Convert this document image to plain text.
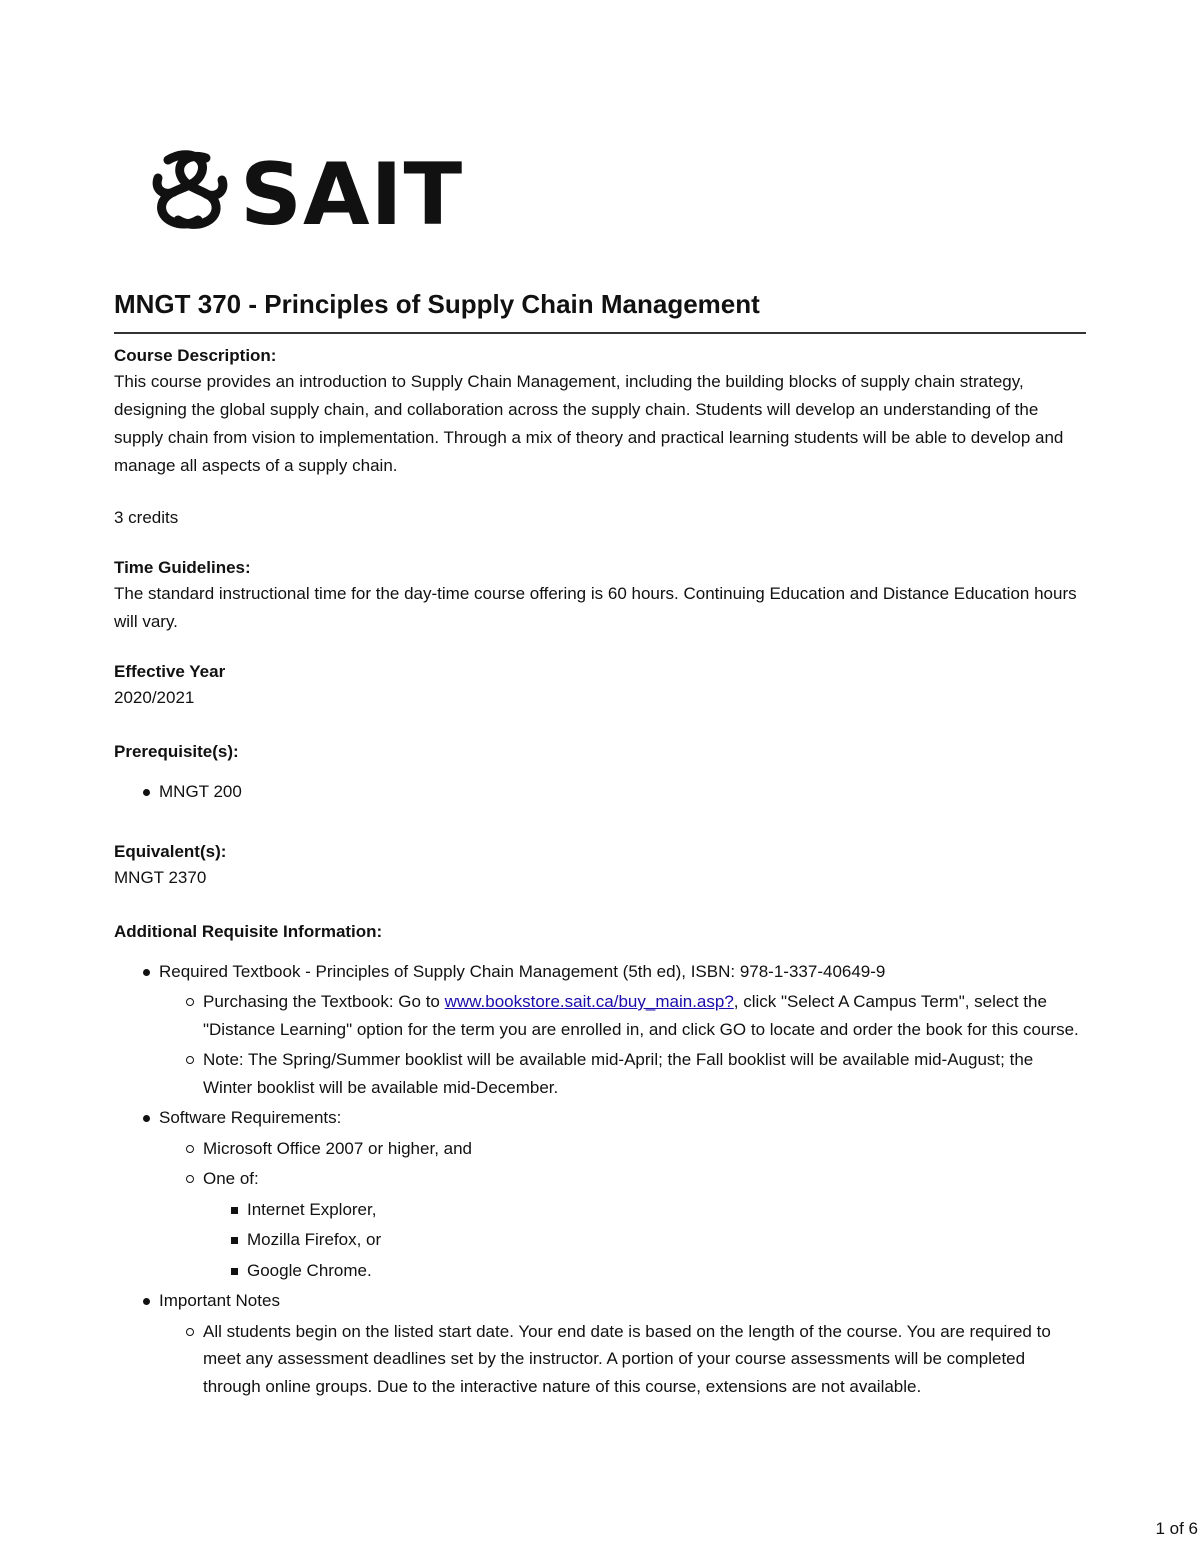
SAIT
MNGT 370 - Principles of Supply Chain Management

Course Description:

This course provides an introduction to Supply Chain Management, including the building blocks of supply chain strategy, designing the global supply chain, and collaboration across the supply chain. Students will develop an understanding of the supply chain from vision to implementation. Through a mix of theory and practical learning students will be able to develop and manage all aspects of a supply chain.

3 credits

Time Guidelines:

The standard instructional time for the day-time course offering is 60 hours. Continuing Education and Distance Education hours will vary.

Effective Year

2020/2021

Prerequisite(s):

MNGT 200

Equivalent(s):

MNGT 2370

Additional Requisite Information:

Required Textbook - Principles of Supply Chain Management (5th ed), ISBN: 978-1-337-40649-9
Purchasing the Textbook: Go to www.bookstore.sait.ca/buy_main.asp?, click "Select A Campus Term", select the "Distance Learning" option for the term you are enrolled in, and click GO to locate and order the book for this course.
Note: The Spring/Summer booklist will be available mid-April; the Fall booklist will be available mid-August; the Winter booklist will be available mid-December.
Software Requirements:
Microsoft Office 2007 or higher, and
One of:
Internet Explorer,
Mozilla Firefox, or
Google Chrome.
Important Notes
All students begin on the listed start date. Your end date is based on the length of the course. You are required to meet any assessment deadlines set by the instructor. A portion of your course assessments will be completed through online groups. Due to the interactive nature of this course, extensions are not available.
1 of 6
